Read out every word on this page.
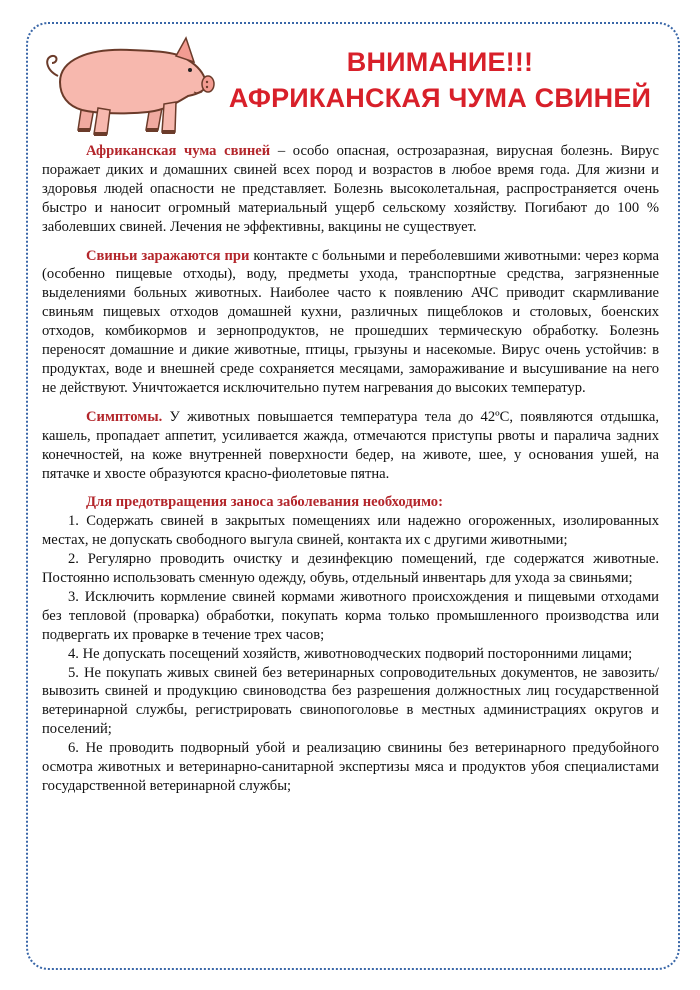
ВНИМАНИЕ!!!
АФРИКАНСКАЯ ЧУМА СВИНЕЙ

Африканская чума свиней – особо опасная, острозаразная, вирусная болезнь. Вирус поражает диких и домашних свиней всех пород и возрастов в любое время года. Для жизни и здоровья людей опасности не представляет. Болезнь высоколетальная, распространяется очень быстро и наносит огромный материальный ущерб сельскому хозяйству. Погибают до 100 % заболевших свиней. Лечения не эффективны, вакцины не существует.

Свиньи заражаются при контакте с больными и переболевшими животными: через корма (особенно пищевые отходы), воду, предметы ухода, транспортные средства, загрязненные выделениями больных животных. Наиболее часто к появлению АЧС приводит скармливание свиньям пищевых отходов домашней кухни, различных пищеблоков и столовых, боенских отходов, комбикормов и зернопродуктов, не прошедших термическую обработку. Болезнь переносят домашние и дикие животные, птицы, грызуны и насекомые. Вирус очень устойчив: в продуктах, воде и внешней среде сохраняется месяцами, замораживание и высушивание на него не действуют. Уничтожается исключительно путем нагревания до высоких температур.

Симптомы. У животных повышается температура тела до 42ºС, появляются отдышка, кашель, пропадает аппетит, усиливается жажда, отмечаются приступы рвоты и паралича задних конечностей, на коже внутренней поверхности бедер, на животе, шее, у основания ушей, на пятачке и хвосте образуются красно-фиолетовые пятна.

Для предотвращения заноса заболевания необходимо:

1. Содержать свиней в закрытых помещениях или надежно огороженных, изолированных местах, не допускать свободного выгула свиней, контакта их с другими животными;

2. Регулярно проводить очистку и дезинфекцию помещений, где содержатся животные. Постоянно использовать сменную одежду, обувь, отдельный инвентарь для ухода за свиньями;

3. Исключить кормление свиней кормами животного происхождения и пищевыми отходами без тепловой (проварка) обработки, покупать корма только промышленного производства или подвергать их проварке в течение трех часов;

4. Не допускать посещений хозяйств, животноводческих подворий посторонними лицами;

5. Не покупать живых свиней без ветеринарных сопроводительных документов, не завозить/вывозить свиней и продукцию свиноводства без разрешения должностных лиц государственной ветеринарной службы, регистрировать свинопоголовье в местных администрациях округов и поселений;

6. Не проводить подворный убой и реализацию свинины без ветеринарного предубойного осмотра животных и ветеринарно-санитарной экспертизы мяса и продуктов убоя специалистами государственной ветеринарной службы;
